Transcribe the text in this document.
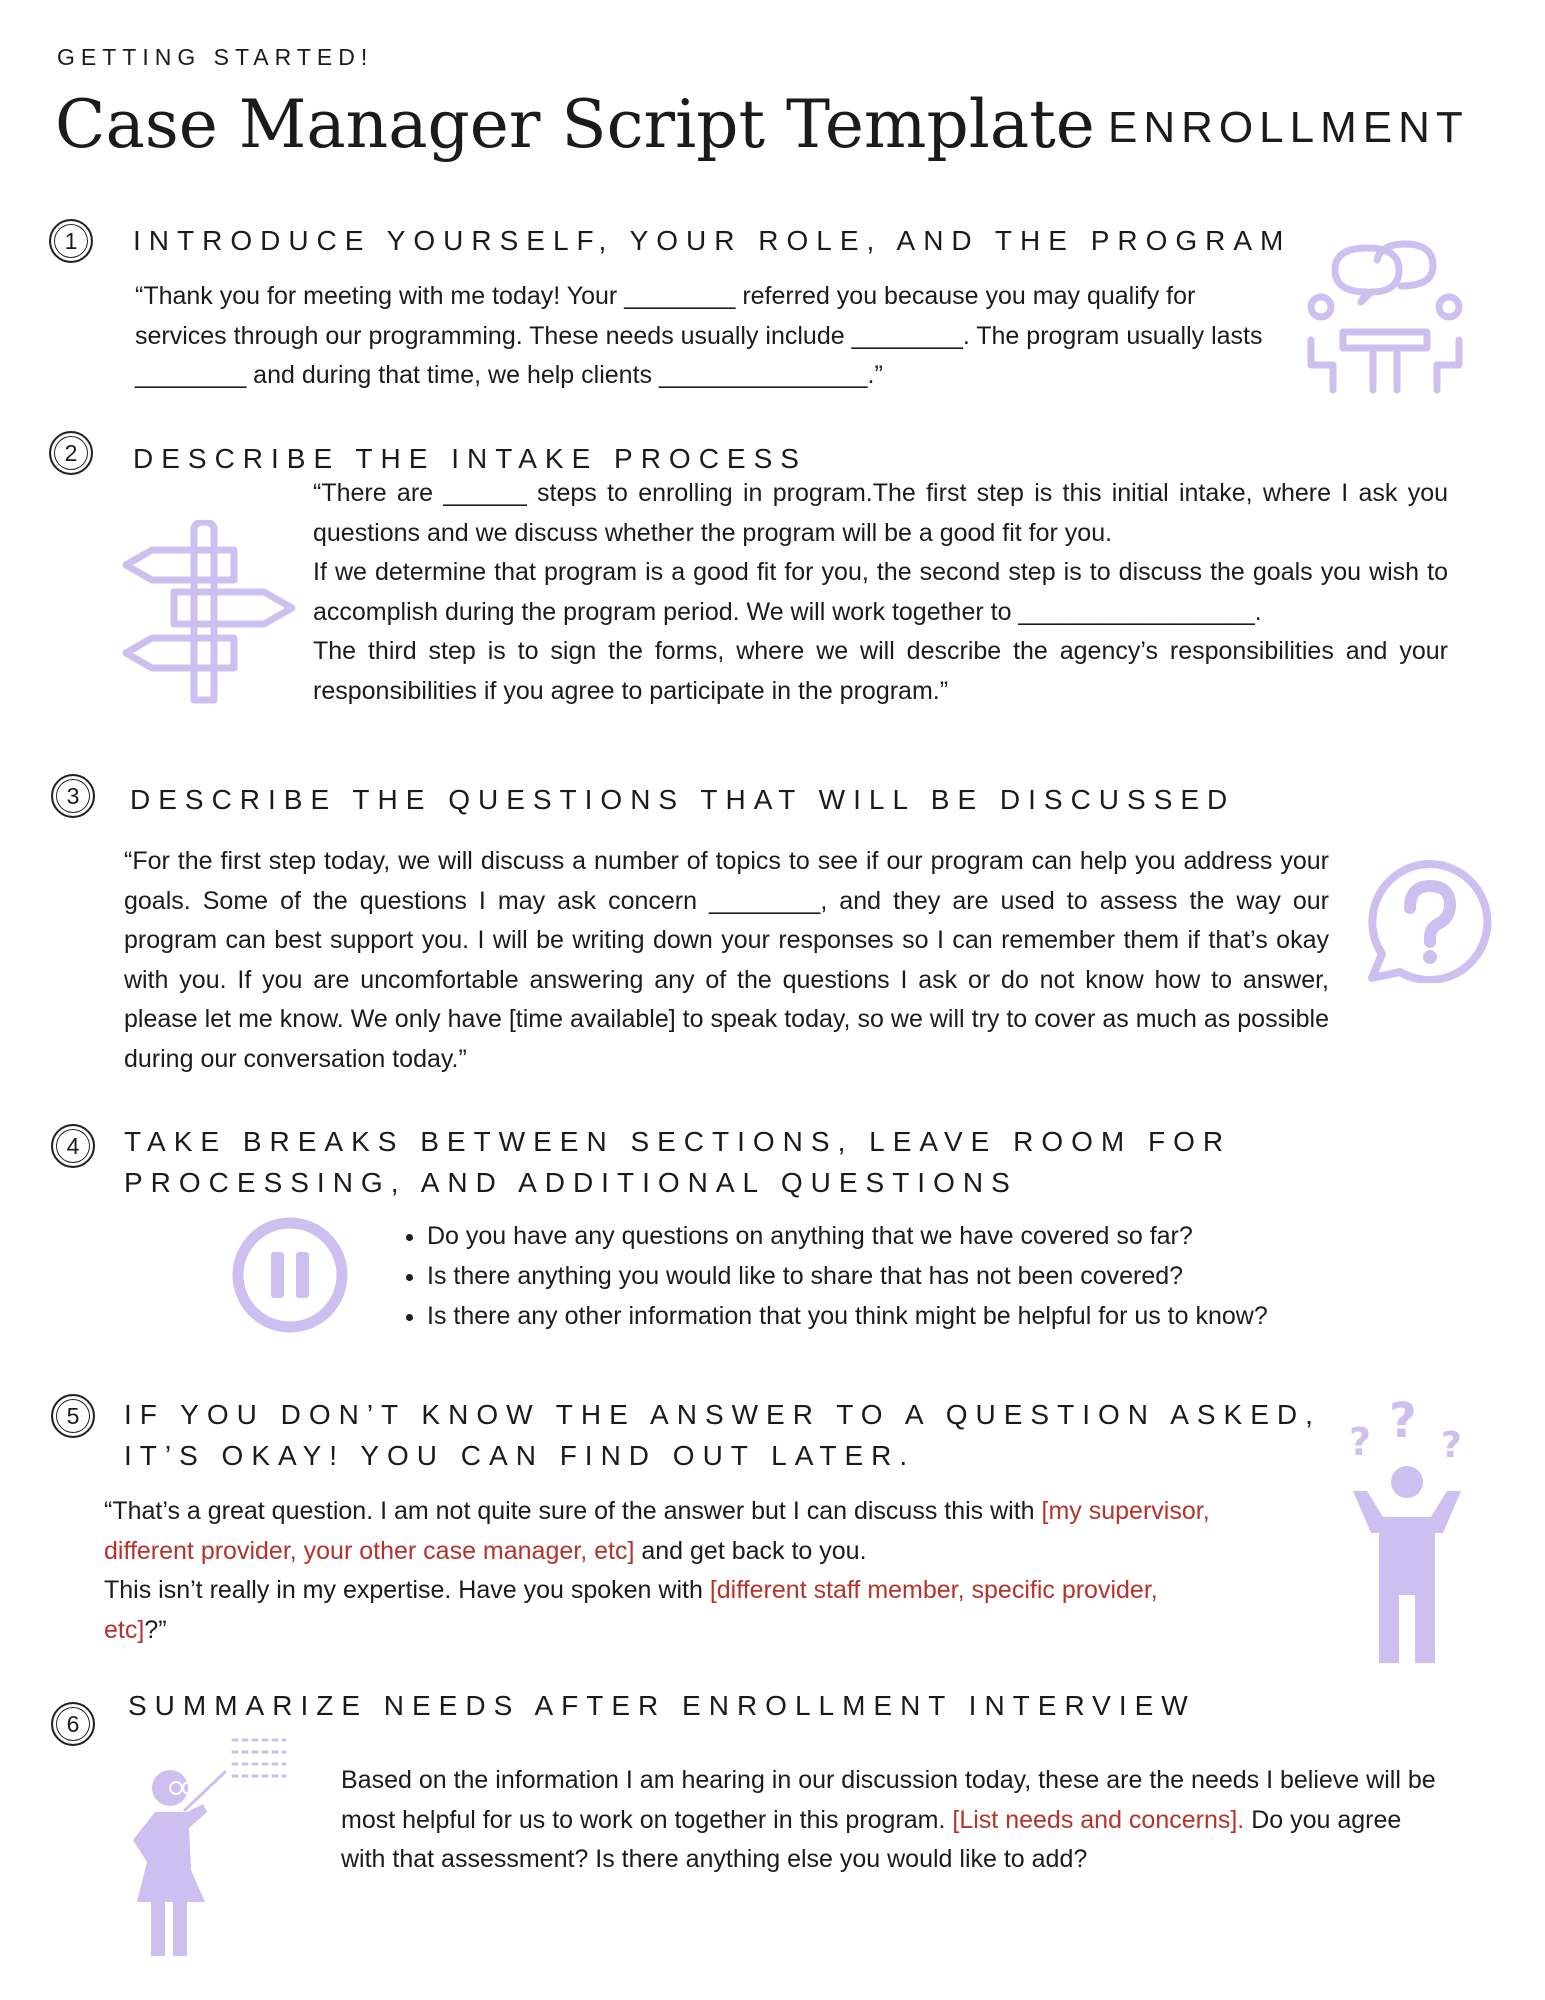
GETTING STARTED!
Case Manager Script Template ENROLLMENT
1	INTRODUCE YOURSELF, YOUR ROLE, AND THE PROGRAM

“Thank you for meeting with me today! Your ________ referred you because you may qualify for services through our programming. These needs usually include ________. The program usually lasts ________ and during that time, we help clients _______________.”

2	DESCRIBE THE INTAKE PROCESS

“There are ______ steps to enrolling in program.The first step is this initial intake, where I ask you questions and we discuss whether the program will be a good fit for you.

If we determine that program is a good fit for you, the second step is to discuss the goals you wish to accomplish during the program period. We will work together to _________________.

The third step is to sign the forms, where we will describe the agency’s responsibilities and your responsibilities if you agree to participate in the program.”

3	DESCRIBE THE QUESTIONS THAT WILL BE DISCUSSED

“For the first step today, we will discuss a number of topics to see if our program can help you address your goals. Some of the questions I may ask concern ________, and they are used to assess the way our program can best support you. I will be writing down your responses so I can remember them if that’s okay with you. If you are uncomfortable answering any of the questions I ask or do not know how to answer, please let me know. We only have [time available] to speak today, so we will try to cover as much as possible during our conversation today.”

4	TAKE BREAKS BETWEEN SECTIONS, LEAVE ROOM FOR
PROCESSING, AND ADDITIONAL QUESTIONS
• Do you have any questions on anything that we have covered so far?
• Is there anything you would like to share that has not been covered?
• Is there any other information that you think might be helpful for us to know?
5	IF YOU DON’T KNOW THE ANSWER TO A QUESTION ASKED,
IT’S OKAY! YOU CAN FIND OUT LATER.

“That’s a great question. I am not quite sure of the answer but I can discuss this with [my supervisor, different provider, your other case manager, etc] and get back to you.
This isn’t really in my expertise. Have you spoken with [different staff member, specific provider, etc]?”

? ? ?
6
SUMMARIZE NEEDS AFTER ENROLLMENT INTERVIEW

Based on the information I am hearing in our discussion today, these are the needs I believe will be most helpful for us to work on together in this program. [List needs and concerns]. Do you agree with that assessment? Is there anything else you would like to add?
